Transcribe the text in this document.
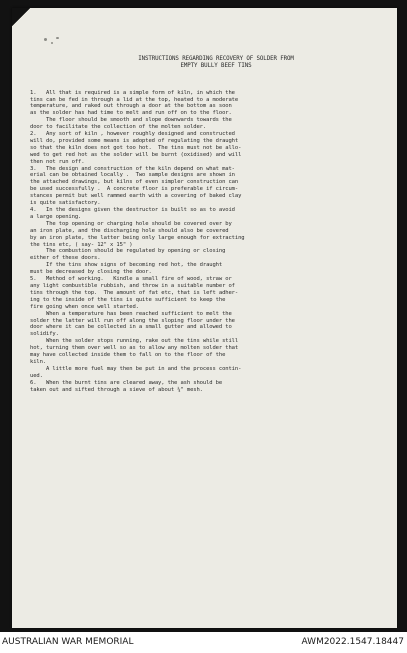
INSTRUCTIONS REGARDING RECOVERY OF SOLDER FROM
EMPTY BULLY BEEF TINS

1.   All that is required is a simple form of kiln, in which the
tins can be fed in through a lid at the top, heated to a moderate
temperature, and raked out through a door at the bottom as soon
as the solder has had time to melt and run off on to the floor.
The floor should be smooth and slope downwards towards the
door to facilitate the collection of the molten solder.

2.   Any sort of kiln , however roughly designed and constructed
will do, provided some means is adopted of regulating the draught
so that the kiln does not got too hot.  The tins must not be allo-
wed to get red hot as the solder will be burnt (oxidised) and will
then not run off.

3.   The design and construction of the kiln depend on what mat-
erial can be obtained locally .  Two sample designs are shown in
the attached drawings, but kilns of even simpler construction can
be used successfully .  A concrete floor is preferable if circum-
stances permit but well rammed earth with a covering of baked clay
is quite satisfactory.

4.   In the designs given the destructor is built so as to avoid
a large opening.
The top opening or charging hole should be covered over by
an iron plate, and the discharging hole should also be covered
by an iron plate, the latter being only large enough for extracting
the tins etc, ( say- 12" x 15" )
The combustion should be regulated by opening or closing
either of these doors.
If the tins show signs of becoming red hot, the draught
must be decreased by closing the door.

5.   Method of working.   Kindle a small fire of wood, straw or
any light combustible rubbish, and throw in a suitable number of
tins through the top.  The amount of fat etc, that is left adher-
ing to the inside of the tins is quite sufficient to keep the
fire going when once well started.
When a temperature has been reached sufficient to melt the
solder the latter will run off along the sloping floor under the
door where it can be collected in a small gutter and allowed to
solidify.
When the solder stops running, rake out the tins while still
hot, turning them over well so as to allow any molten solder that
may have collected inside them to fall on to the floor of the
kiln.
A little more fuel may then be put in and the process contin-
ued.

6.   When the burnt tins are cleared away, the ash should be
taken out and sifted through a sieve of about ¼" mesh.

AUSTRALIAN WAR MEMORIAL	AWM2022.1547.18447
